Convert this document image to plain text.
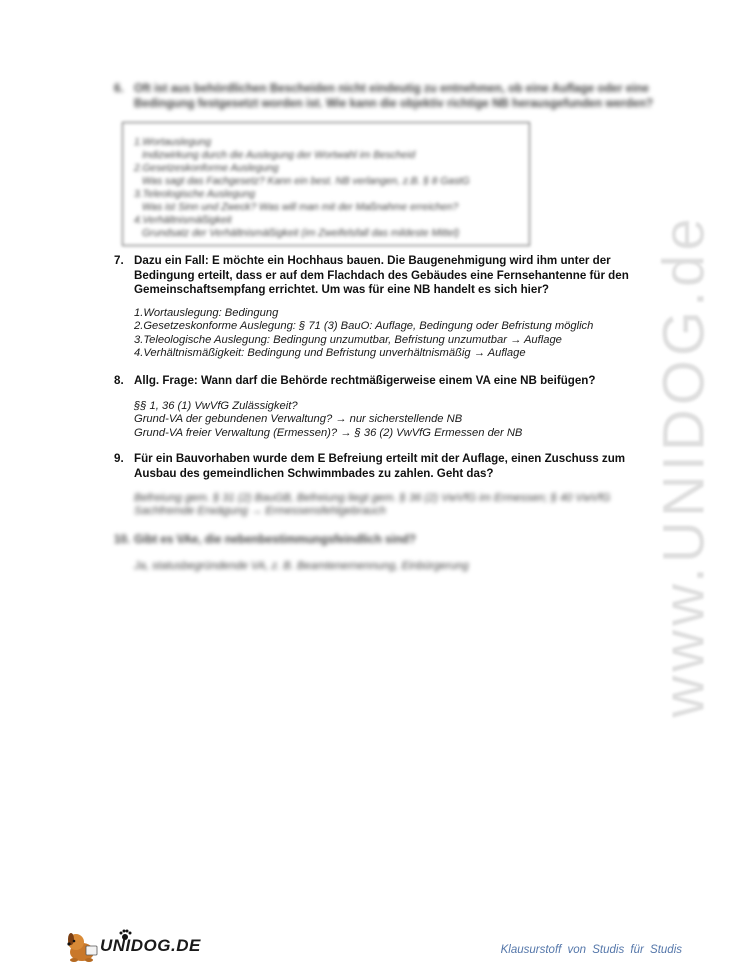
www.UNIDOG.de
6. Oft ist aus behördlichen Bescheiden nicht eindeutig zu entnehmen, ob eine Auflage oder eine Bedingung festgesetzt worden ist. Wie kann die objektiv richtige NB herausgefunden werden?
1.Wortauslegung
Indizwirkung durch die Auslegung der Wortwahl im Bescheid
2.Gesetzeskonforme Auslegung
Was sagt das Fachgesetz? Kann ein best. NB verlangen, z.B. § 8 GastG
3.Teleologische Auslegung
Was ist Sinn und Zweck? Was will man mit der Maßnahme erreichen?
4.Verhältnismäßigkeit
Grundsatz der Verhältnismäßigkeit (im Zweifelsfall das mildeste Mittel)
7. Dazu ein Fall: E möchte ein Hochhaus bauen. Die Baugenehmigung wird ihm unter der Bedingung erteilt, dass er auf dem Flachdach des Gebäudes eine Fernsehantenne für den Gemeinschaftsempfang errichtet. Um was für eine NB handelt es sich hier?
1.Wortauslegung: Bedingung
2.Gesetzeskonforme Auslegung: § 71 (3) BauO: Auflage, Bedingung oder Befristung möglich
3.Teleologische Auslegung: Bedingung unzumutbar, Befristung unzumutbar → Auflage
4.Verhältnismäßigkeit: Bedingung und Befristung unverhältnismäßig → Auflage
8. Allg. Frage: Wann darf die Behörde rechtmäßigerweise einem VA eine NB beifügen?
§§ 1, 36 (1) VwVfG Zulässigkeit?
Grund-VA der gebundenen Verwaltung? → nur sicherstellende NB
Grund-VA freier Verwaltung (Ermessen)? → § 36 (2) VwVfG Ermessen der NB
9. Für ein Bauvorhaben wurde dem E Befreiung erteilt mit der Auflage, einen Zuschuss zum Ausbau des gemeindlichen Schwimmbades zu zahlen. Geht das?
Befreiung gem. § 31 (2) BauGB, Befreiung liegt gem. § 36 (2) VwVfG im Ermessen; § 40 VwVfG
Sachfremde Erwägung → Ermessensfehlgebrauch
10. Gibt es VAe, die nebenbestimmungsfeindlich sind?
Ja, statusbegründende VA, z. B. Beamtenernennung, Einbürgerung
UNIDOG.DE	Klausurstoff von Studis für Studis
